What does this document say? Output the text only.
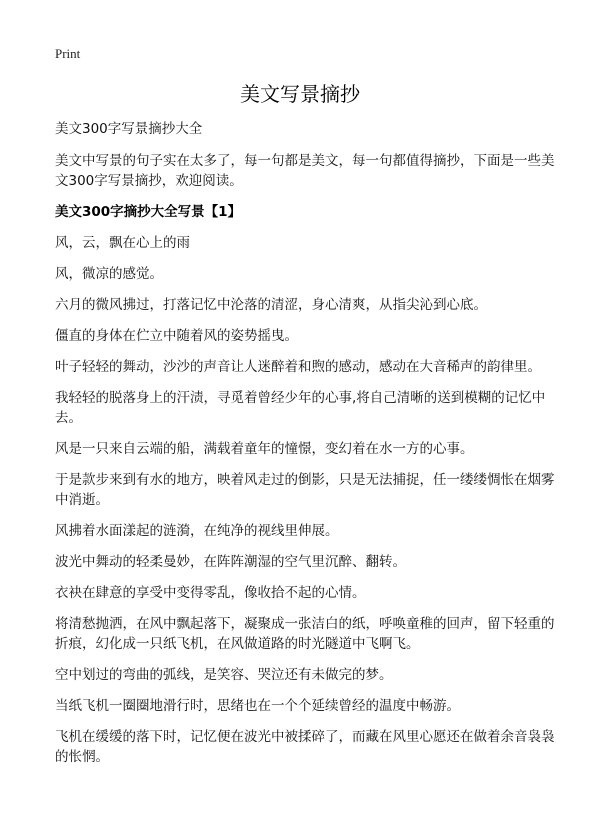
Print
美文写景摘抄

美文300字写景摘抄大全

美文中写景的句子实在太多了，每一句都是美文，每一句都值得摘抄，下面是一些美文300字写景摘抄，欢迎阅读。

美文300字摘抄大全写景【1】

风，云，飘在心上的雨

风，微凉的感觉。

六月的微风拂过，打落记忆中沦落的清涩，身心清爽，从指尖沁到心底。

僵直的身体在伫立中随着风的姿势摇曳。

叶子轻轻的舞动，沙沙的声音让人迷醉着和煦的感动，感动在大音稀声的韵律里。

我轻轻的脱落身上的汗渍，寻觅着曾经少年的心事,将自己清晰的送到模糊的记忆中去。

风是一只来自云端的船，满载着童年的憧憬，变幻着在水一方的心事。

于是款步来到有水的地方，映着风走过的倒影，只是无法捕捉，任一缕缕惆怅在烟雾中消逝。

风拂着水面漾起的涟漪，在纯净的视线里伸展。

波光中舞动的轻柔曼妙，在阵阵潮湿的空气里沉醉、翻转。

衣袂在肆意的享受中变得零乱，像收拾不起的心情。

将清愁抛洒，在风中飘起落下，凝聚成一张洁白的纸，呼唤童稚的回声，留下轻重的折痕，幻化成一只纸飞机，在风做道路的时光隧道中飞啊飞。

空中划过的弯曲的弧线，是笑容、哭泣还有未做完的梦。

当纸飞机一圈圈地滑行时，思绪也在一个个延续曾经的温度中畅游。

飞机在缓缓的落下时，记忆便在波光中被揉碎了，而藏在风里心愿还在做着余音袅袅的怅惘。
